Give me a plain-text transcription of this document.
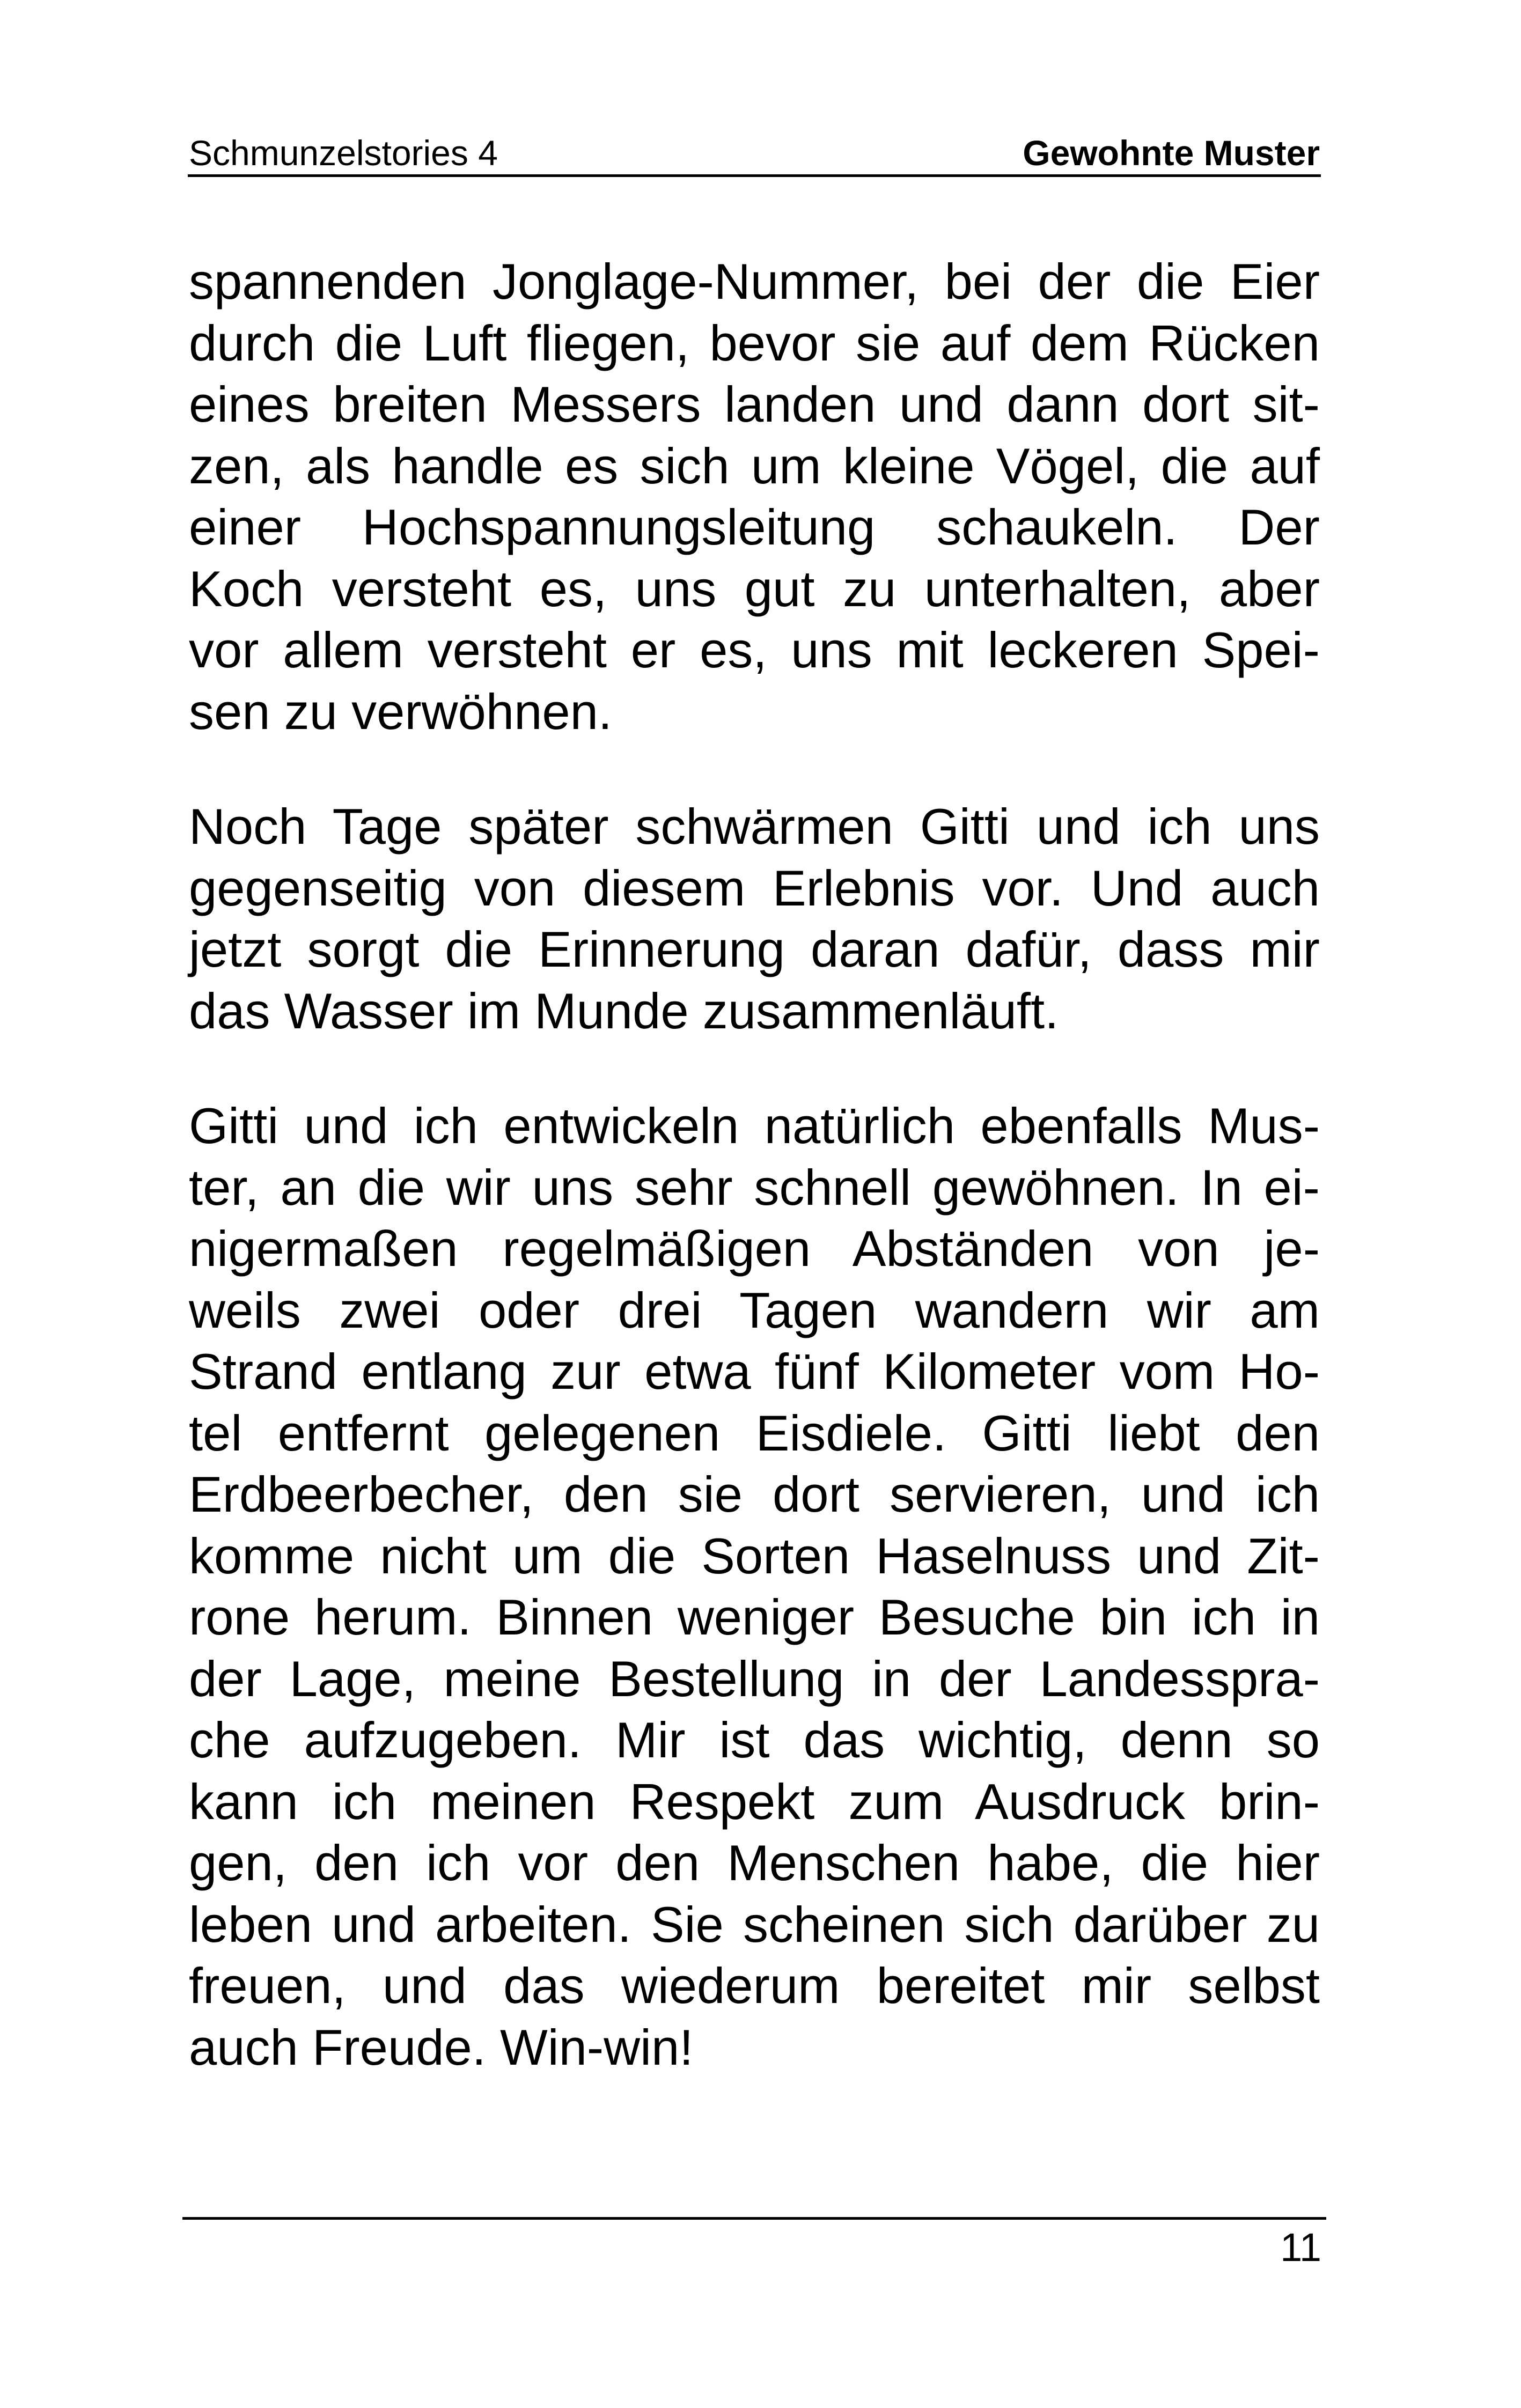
Schmunzelstories 4	Gewohnte Muster
spannenden Jonglage-Nummer, bei der die Eier
durch die Luft fliegen, bevor sie auf dem Rücken
eines breiten Messers landen und dann dort sit-
zen, als handle es sich um kleine Vögel, die auf
einer Hochspannungsleitung schaukeln. Der
Koch versteht es, uns gut zu unterhalten, aber
vor allem versteht er es, uns mit leckeren Spei-
sen zu verwöhnen.
Noch Tage später schwärmen Gitti und ich uns
gegenseitig von diesem Erlebnis vor. Und auch
jetzt sorgt die Erinnerung daran dafür, dass mir
das Wasser im Munde zusammenläuft.
Gitti und ich entwickeln natürlich ebenfalls Mus-
ter, an die wir uns sehr schnell gewöhnen. In ei-
nigermaßen regelmäßigen Abständen von je-
weils zwei oder drei Tagen wandern wir am
Strand entlang zur etwa fünf Kilometer vom Ho-
tel entfernt gelegenen Eisdiele. Gitti liebt den
Erdbeerbecher, den sie dort servieren, und ich
komme nicht um die Sorten Haselnuss und Zit-
rone herum. Binnen weniger Besuche bin ich in
der Lage, meine Bestellung in der Landesspra-
che aufzugeben. Mir ist das wichtig, denn so
kann ich meinen Respekt zum Ausdruck brin-
gen, den ich vor den Menschen habe, die hier
leben und arbeiten. Sie scheinen sich darüber zu
freuen, und das wiederum bereitet mir selbst
auch Freude. Win-win!
11
